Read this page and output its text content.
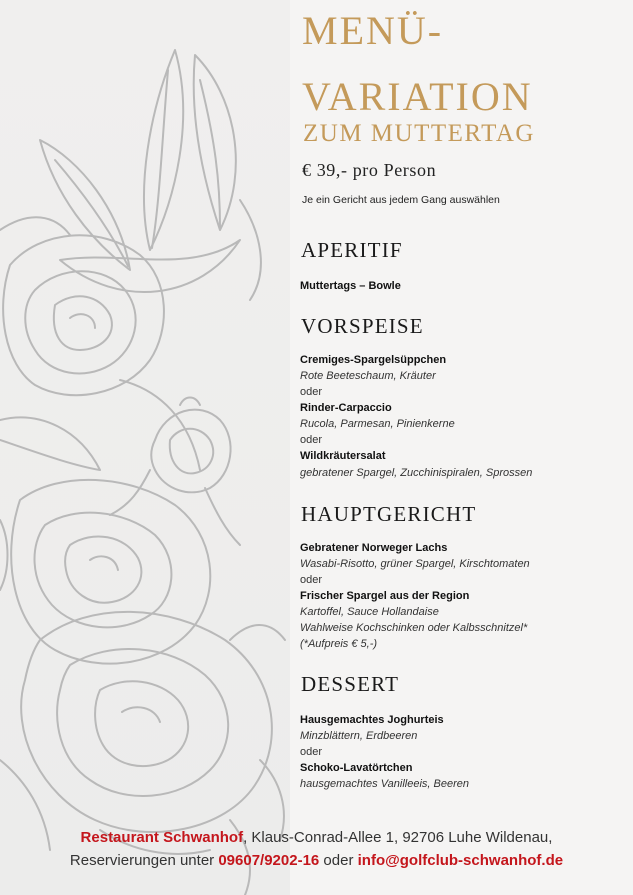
MENÜ-
VARIATION
ZUM MUTTERTAG
€ 39,- pro Person
Je ein Gericht aus jedem Gang auswählen
APERITIF
Muttertags – Bowle
VORSPEISE
Cremiges-Spargelsüppchen
Rote Beeteschaum, Kräuter
oder
Rinder-Carpaccio
Rucola, Parmesan, Pinienkerne
oder
Wildkräutersalat
gebratener Spargel, Zucchinispiralen, Sprossen
HAUPTGERICHT
Gebratener Norweger Lachs
Wasabi-Risotto, grüner Spargel, Kirschtomaten
oder
Frischer Spargel aus der Region
Kartoffel, Sauce Hollandaise
Wahlweise Kochschinken oder Kalbsschnitzel*
(*Aufpreis € 5,-)
DESSERT
Hausgemachtes Joghurteis
Minzblättern, Erdbeeren
oder
Schoko-Lavatörtchen
hausgemachtes Vanilleeis, Beeren
Restaurant Schwanhof, Klaus-Conrad-Allee 1, 92706 Luhe Wildenau,
Reservierungen unter 09607/9202-16 oder info@golfclub-schwanhof.de
